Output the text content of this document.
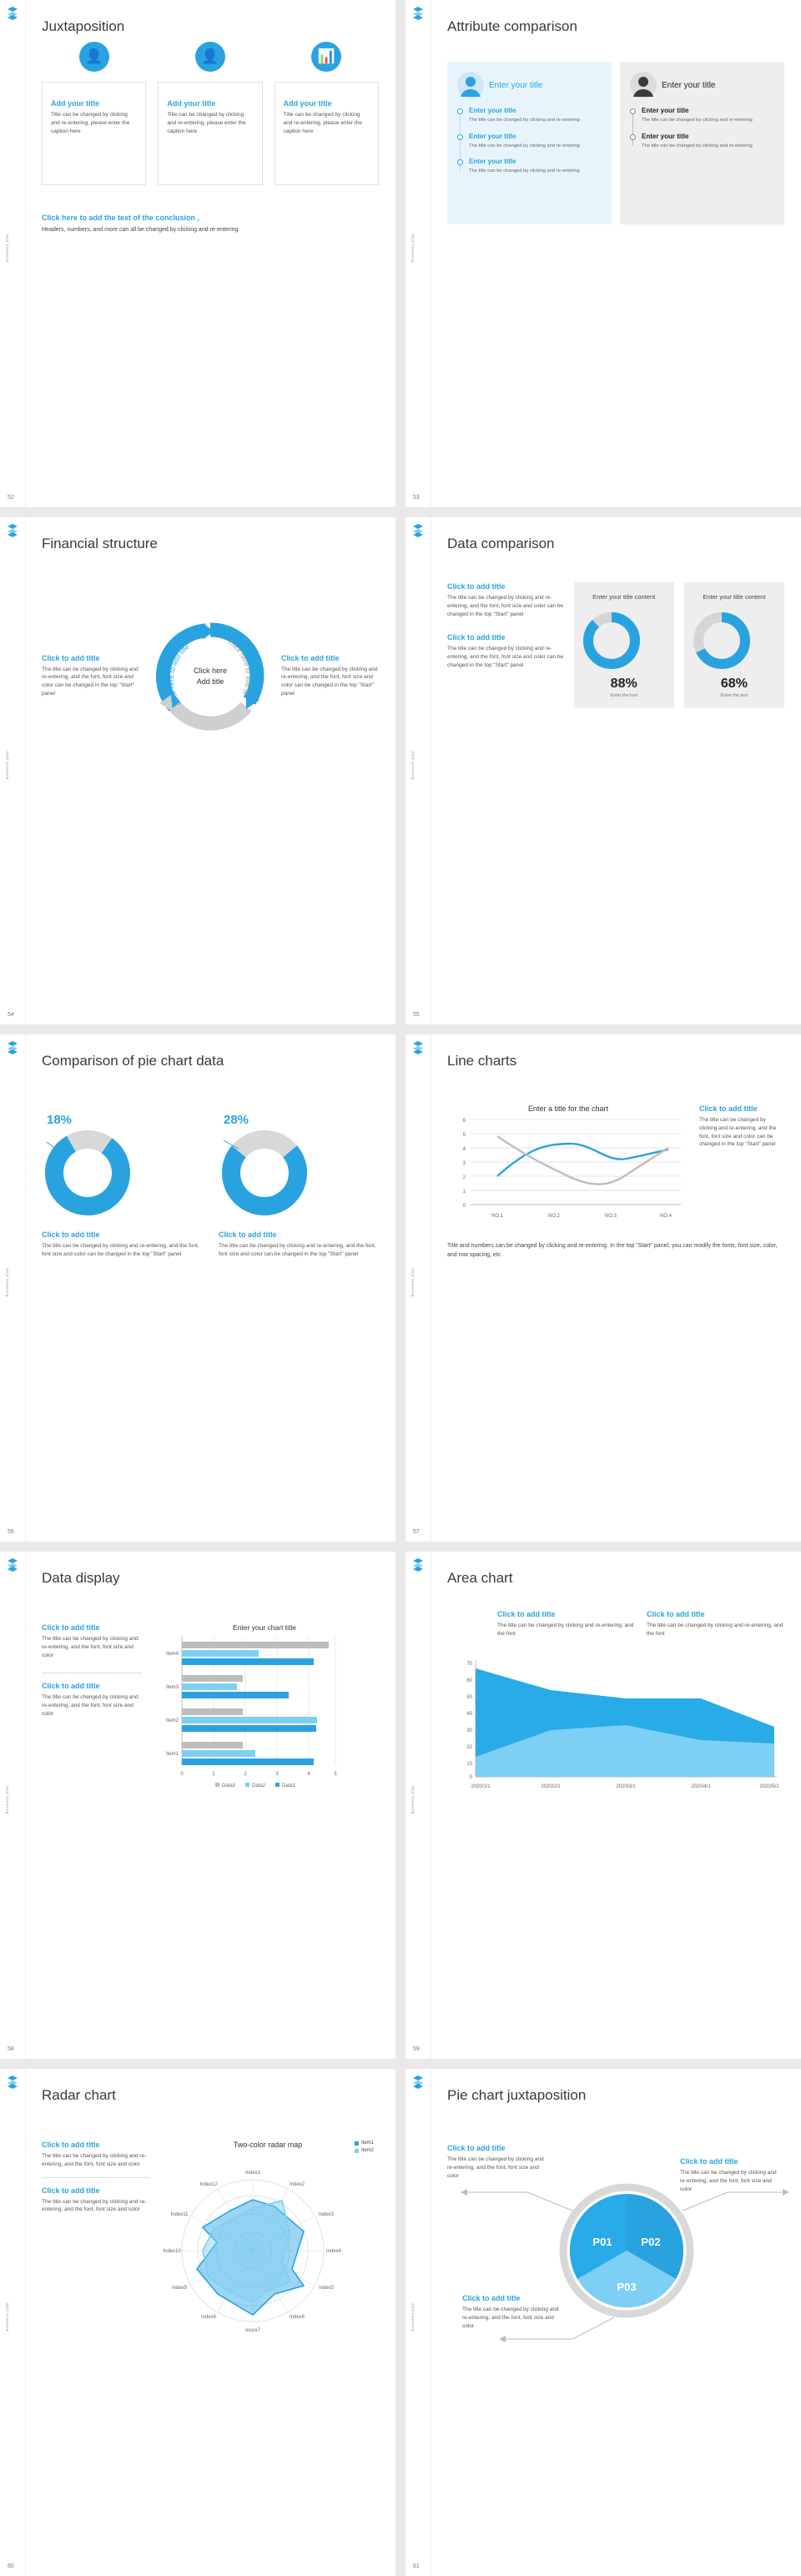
Business plan
52
Juxtaposition
👤
Add your title

Title can be changed by clicking and re-entering, please enter the caption here

👤
Add your title

Title can be changed by clicking and re-entering, please enter the caption here

📊
Add your title

Title can be changed by clicking and re-entering, please enter the caption here

Click here to add the text of the conclusion ,
Headers, numbers, and more can all be changed by clicking and re-entering
Business plan
53
Attribute comparison
Enter your title
Enter your title

The title can be changed by clicking and re-entering

Enter your title

The title can be changed by clicking and re-entering

Enter your title

The title can be changed by clicking and re-entering

Enter your title
Enter your title

The title can be changed by clicking and re-entering

Enter your title

The title can be changed by clicking and re-entering

Business plan
54
Financial structure
Click to add title

The title can be changed by clicking and re-entering, and the font, font size and color can be changed in the top "Start" panel

Click here to add title	Click here to add title
Click here
Add title
Click to add title

The title can be changed by clicking and re-entering, and the font, font size and color can be changed in the top "Start" panel

Business plan
55
Data comparison
Click to add title

The title can be changed by clicking and re-entering, and the font, font size and color can be changed in the top "Start" panel

Click to add title

The title can be changed by clicking and re-entering, and the font, font size and color can be changed in the top "Start" panel

Enter your title content
88%
Enter the text
Enter your title content
68%
Enter the text
Business plan
56
Comparison of pie chart data
18%
Click to add title

The title can be changed by clicking and re-entering, and the font, font size and color can be changed in the top "Start" panel

28%
Click to add title

The title can be changed by clicking and re-entering, and the font, font size and color can be changed in the top "Start" panel

Business plan
57
Line charts
Enter a title for the chart
6
5
4
3
2
1
0
NO.1	NO.2	NO.3	NO.4
Click to add title

The title can be changed by clicking and re-entering, and the font, font size and color can be changed in the top "Start" panel

Title and numbers can be changed by clicking and re-entering. In the top "Start" panel, you can modify the fonts, font size, color, and row spacing, etc
Business plan
58
Data display
Click to add title

The title can be changed by clicking and re-entering, and the font, font size and color

Click to add title

The title can be changed by clicking and re-entering, and the font, font size and color

Enter your chart title
Item4
Item3
Item2
Item1
0	1	2	3	4	5
Data3	Data2	Data1	Business plan
59
Area chart
Click to add title

The title can be changed by clicking and re-entering, and the font

Click to add title

The title can be changed by clicking and re-entering, and the font

70
60
50
40
30
20
10
0
2020/1/1	2020/2/1	2020/3/1	2020/4/1	2020/5/1
Business plan
60
Radar chart
Click to add title

The title can be changed by clicking and re-entering, and the font, font size and color

Click to add title

The title can be changed by clicking and re-entering, and the font, font size and color

Two-color radar map	Item1
Item2
Index1
Index2
Index3
Index4
Index5
Index6
Incex7
Index8
Index9
Index10
Index11
Index12
Business plan
61
Pie chart juxtaposition
P01	P02
P03
Click to add title

The title can be changed by clicking and re-entering, and the font, font size and color

Click to add title

The title can be changed by clicking and re-entering, and the font, font size and color

Click to add title

The title can be changed by clicking and re-entering, and the font, font size and color
